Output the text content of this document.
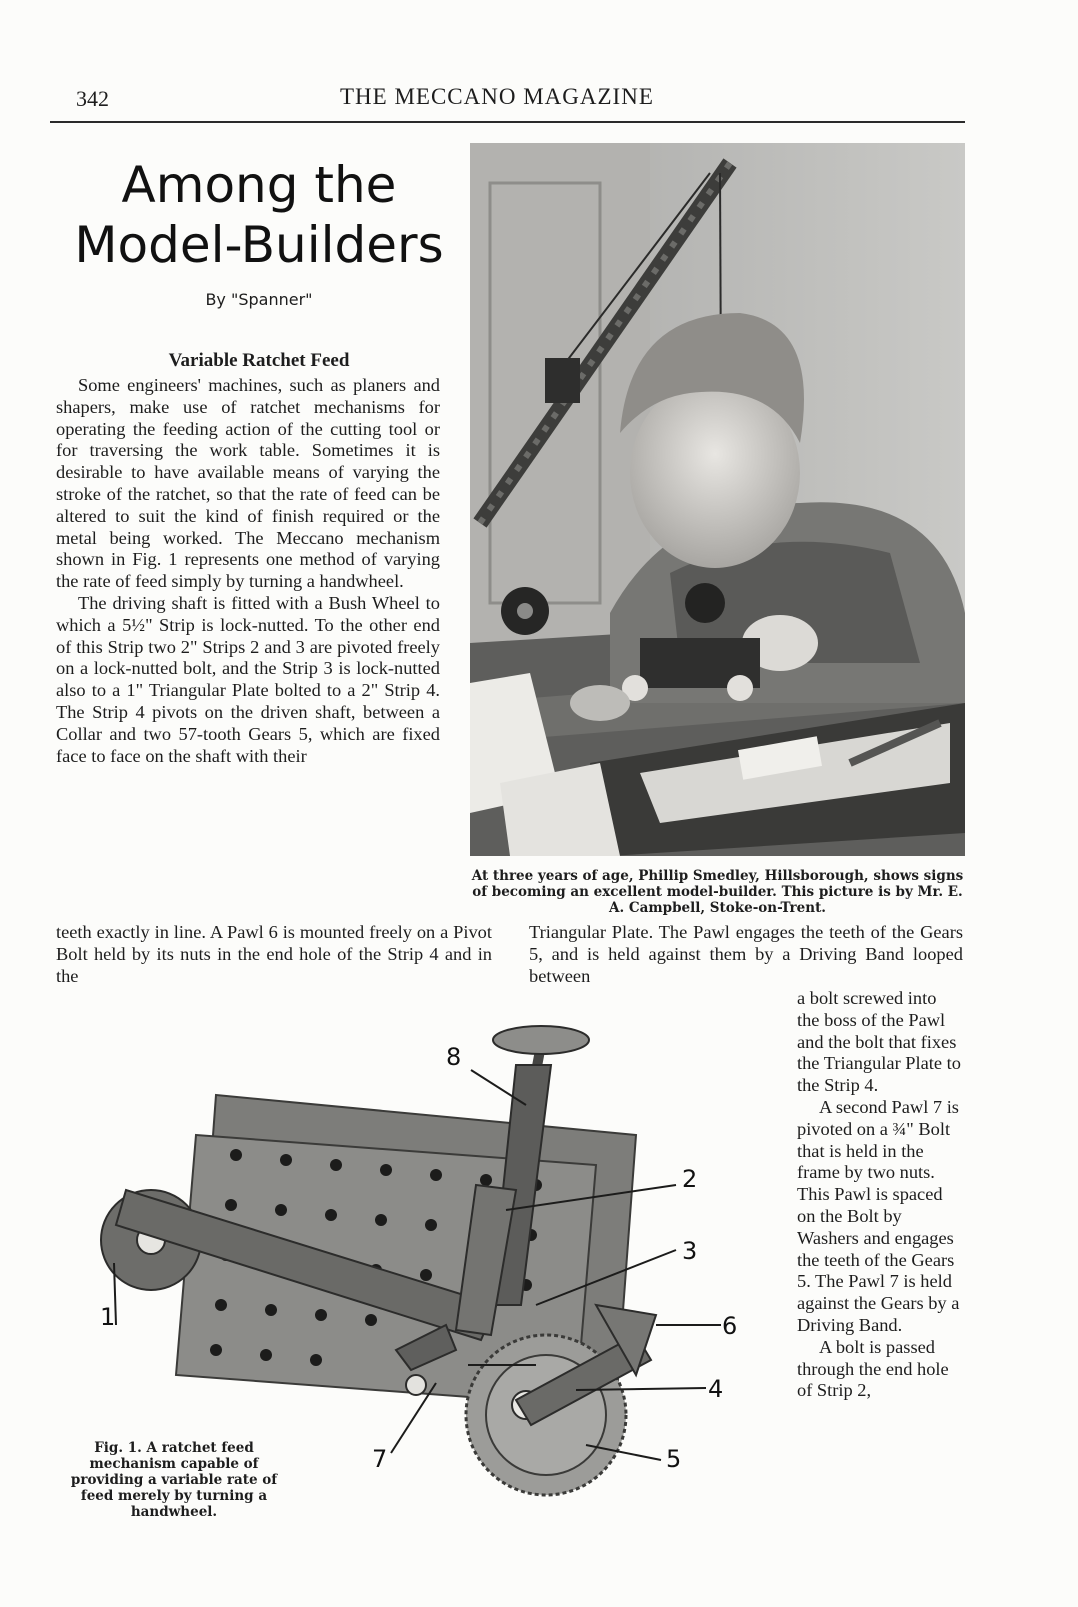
342	THE MECCANO MAGAZINE
Among the
Model-Builders
By "Spanner"
Variable Ratchet Feed

Some engineers' machines, such as planers and shapers, make use of ratchet mechanisms for operating the feeding action of the cutting tool or for traversing the work table. Sometimes it is desirable to have available means of varying the stroke of the ratchet, so that the rate of feed can be altered to suit the kind of finish required or the metal being worked. The Meccano mechanism shown in Fig. 1 represents one method of varying the rate of feed simply by turning a handwheel.

The driving shaft is fitted with a Bush Wheel to which a 5½" Strip is lock-nutted. To the other end of this Strip two 2" Strips 2 and 3 are pivoted freely on a lock-nutted bolt, and the Strip 3 is lock-nutted also to a 1" Triangular Plate bolted to a 2" Strip 4. The Strip 4 pivots on the driven shaft, between a Collar and two 57-tooth Gears 5, which are fixed face to face on the shaft with their

teeth exactly in line. A Pawl 6 is mounted freely on a Pivot Bolt held by its nuts in the end hole of the Strip 4 and in the

Triangular Plate. The Pawl engages the teeth of the Gears 5, and is held against them by a Driving Band looped between

a bolt screwed into the boss of the Pawl and the bolt that fixes the Triangular Plate to the Strip 4.

A second Pawl 7 is pivoted on a ¾" Bolt that is held in the frame by two nuts. This Pawl is spaced on the Bolt by Washers and engages the teeth of the Gears 5. The Pawl 7 is held against the Gears by a Driving Band.

A bolt is passed through the end hole of Strip 2,

At three years of age, Phillip Smedley, Hillsborough, shows signs of becoming an excellent model-builder. This picture is by Mr. E. A. Campbell, Stoke-on-Trent.
1
2
3
4
5
6
7
8
Fig. 1. A ratchet feed mechanism capable of providing a variable rate of feed merely by turning a handwheel.
